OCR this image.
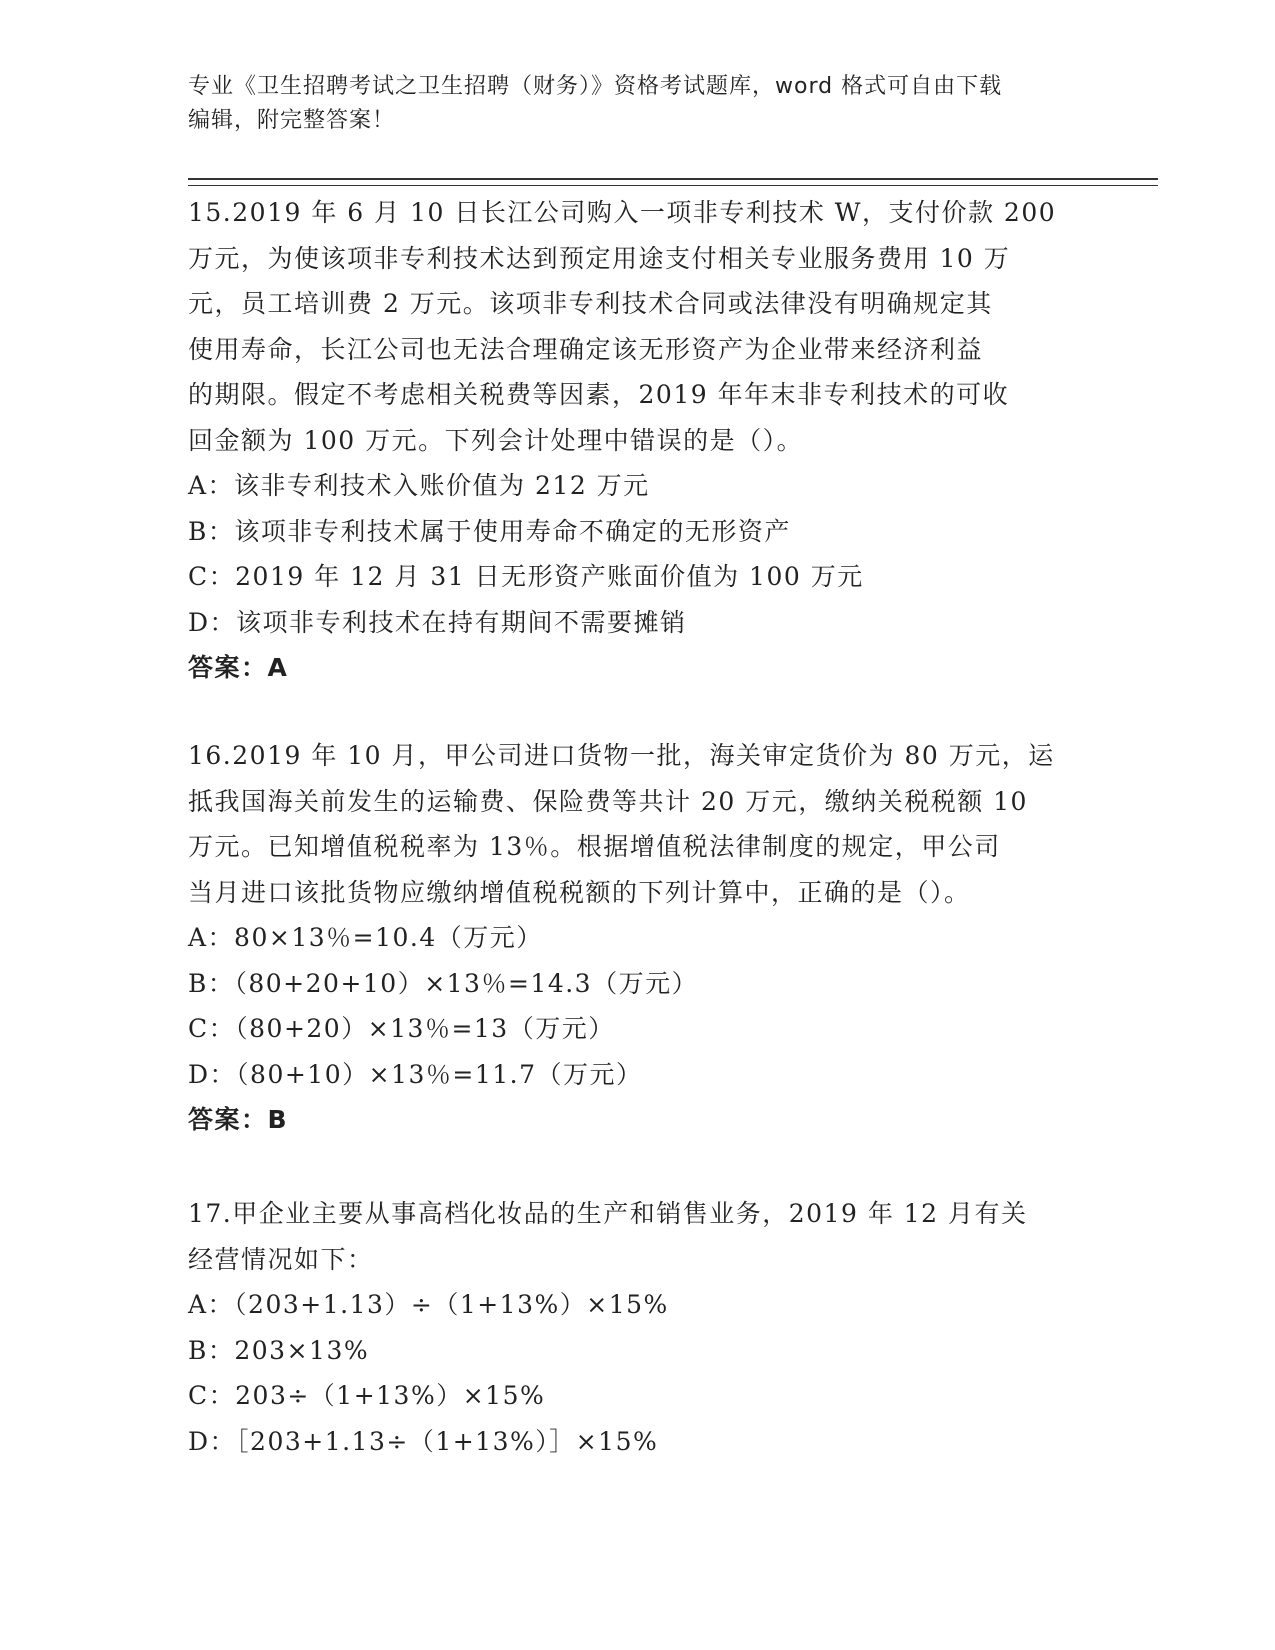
专业《卫生招聘考试之卫生招聘（财务）》资格考试题库，word 格式可自由下载
编辑，附完整答案！
15.2019 年 6 月 10 日长江公司购入一项非专利技术 W，支付价款 200
万元，为使该项非专利技术达到预定用途支付相关专业服务费用 10 万
元，员工培训费 2 万元。该项非专利技术合同或法律没有明确规定其
使用寿命，长江公司也无法合理确定该无形资产为企业带来经济利益
的期限。假定不考虑相关税费等因素，2019 年年末非专利技术的可收
回金额为 100 万元。下列会计处理中错误的是（）。
A：该非专利技术入账价值为 212 万元
B：该项非专利技术属于使用寿命不确定的无形资产
C：2019 年 12 月 31 日无形资产账面价值为 100 万元
D：该项非专利技术在持有期间不需要摊销
答案：A
16.2019 年 10 月，甲公司进口货物一批，海关审定货价为 80 万元，运
抵我国海关前发生的运输费、保险费等共计 20 万元，缴纳关税税额 10
万元。已知增值税税率为 13％。根据增值税法律制度的规定，甲公司
当月进口该批货物应缴纳增值税税额的下列计算中，正确的是（）。
A：80×13％=10.4（万元）
B：（80+20+10）×13％=14.3（万元）
C：（80+20）×13％=13（万元）
D：（80+10）×13％=11.7（万元）
答案：B
17.甲企业主要从事高档化妆品的生产和销售业务，2019 年 12 月有关
经营情况如下：
A：（203+1.13）÷（1+13%）×15%
B：203×13%
C：203÷（1+13%）×15%
D：［203+1.13÷（1+13%）］×15%
